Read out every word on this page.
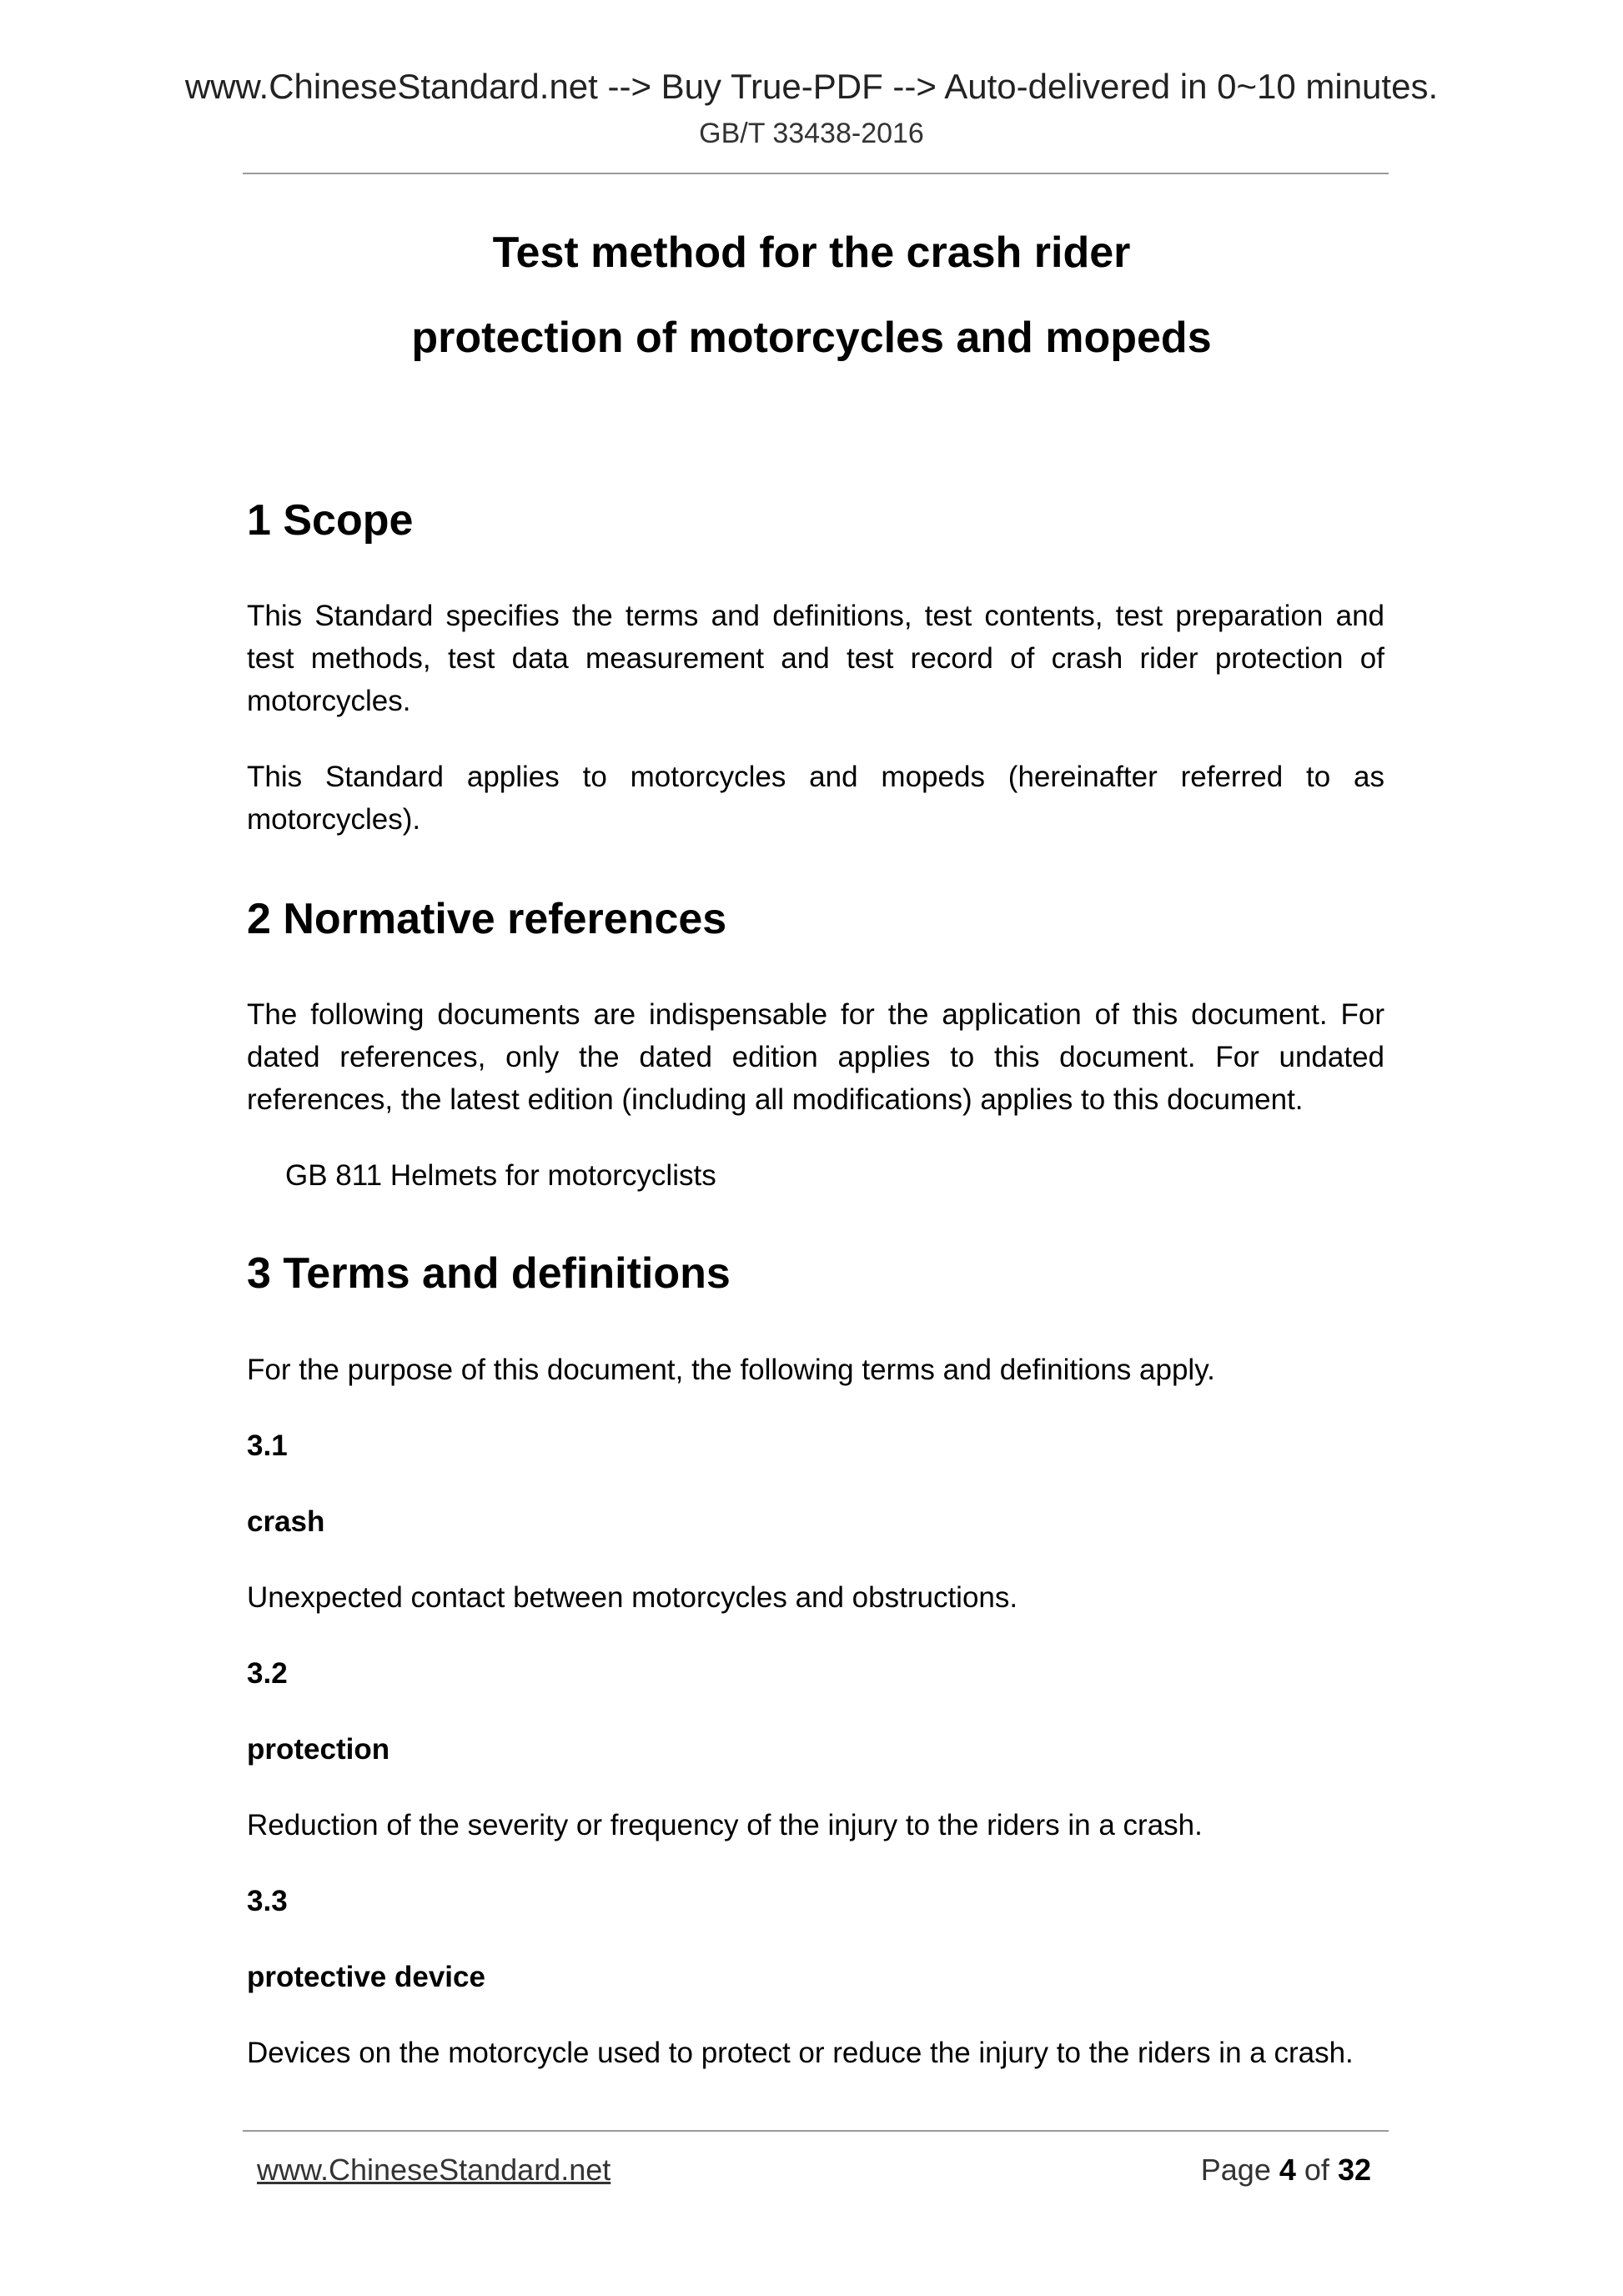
www.ChineseStandard.net --> Buy True-PDF --> Auto-delivered in 0~10 minutes.
GB/T 33438-2016
Test method for the crash rider
protection of motorcycles and mopeds
1 Scope

This Standard specifies the terms and definitions, test contents, test preparation and test methods, test data measurement and test record of crash rider protection of motorcycles.

This Standard applies to motorcycles and mopeds (hereinafter referred to as motorcycles).

2 Normative references

The following documents are indispensable for the application of this document. For dated references, only the dated edition applies to this document. For undated references, the latest edition (including all modifications) applies to this document.

GB 811 Helmets for motorcyclists

3 Terms and definitions

For the purpose of this document, the following terms and definitions apply.

3.1

crash

Unexpected contact between motorcycles and obstructions.

3.2

protection

Reduction of the severity or frequency of the injury to the riders in a crash.

3.3

protective device

Devices on the motorcycle used to protect or reduce the injury to the riders in a crash.

www.ChineseStandard.net	Page 4 of 32
